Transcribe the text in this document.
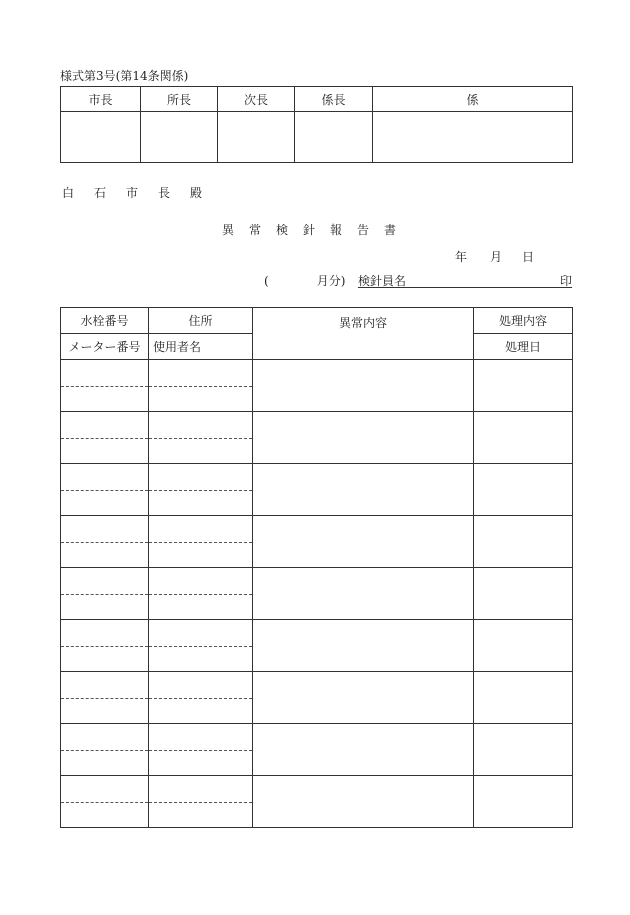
様式第3号(第14条関係)
市長	所長	次長	係長	係

白石市長殿
異常検針報告書
年 月 日
(	月分) 検針員名	印
水栓番号	住所	異常内容	処理内容
メーター番号	使用者名		処理日
